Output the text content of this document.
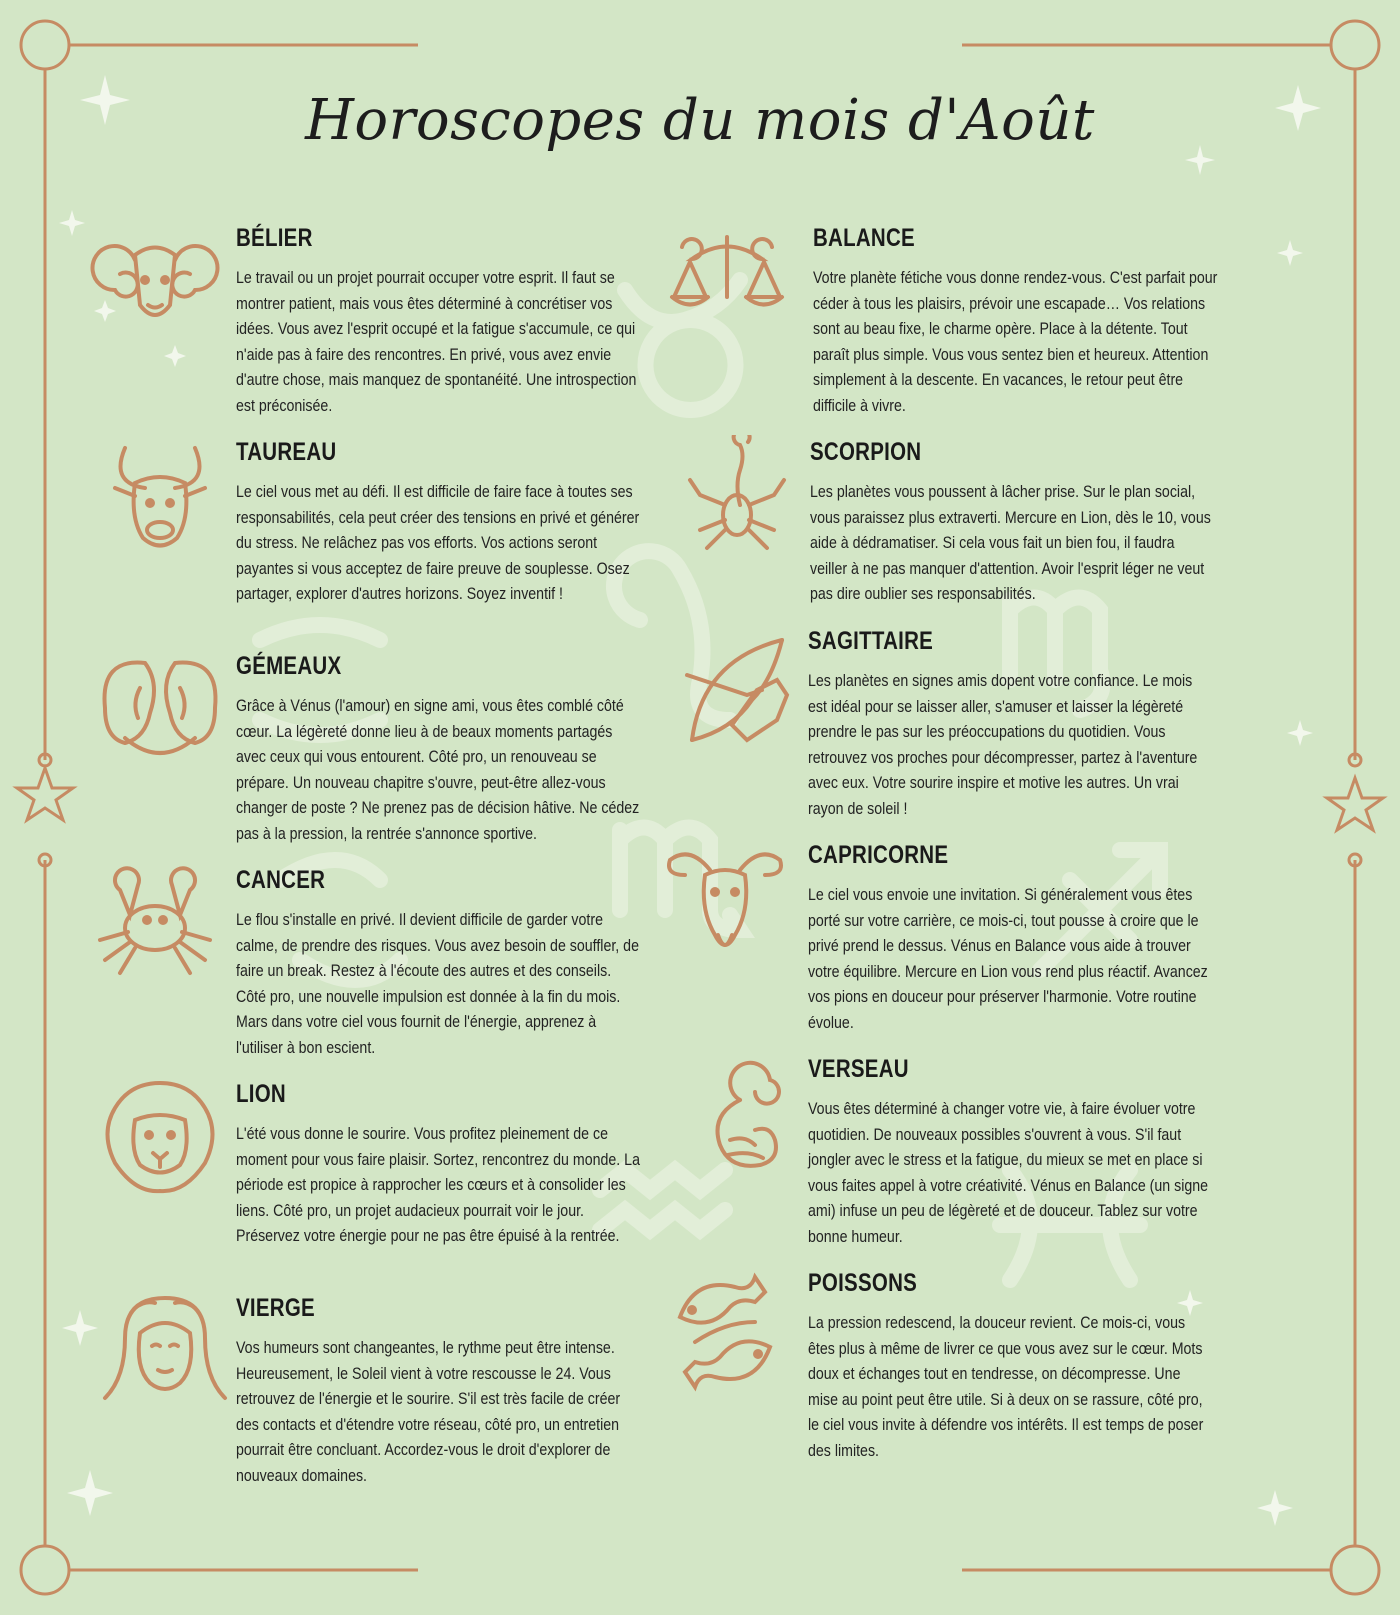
Horoscopes du mois d'Août
BÉLIER

Le travail ou un projet pourrait occuper votre esprit. Il faut se montrer patient, mais vous êtes déterminé à concrétiser vos idées. Vous avez l'esprit occupé et la fatigue s'accumule, ce qui n'aide pas à faire des rencontres. En privé, vous avez envie d'autre chose, mais manquez de spontanéité. Une introspection est préconisée.

TAUREAU

Le ciel vous met au défi. Il est difficile de faire face à toutes ses responsabilités, cela peut créer des tensions en privé et générer du stress. Ne relâchez pas vos efforts. Vos actions seront payantes si vous acceptez de faire preuve de souplesse. Osez partager, explorer d'autres horizons. Soyez inventif !

GÉMEAUX

Grâce à Vénus (l'amour) en signe ami, vous êtes comblé côté cœur. La légèreté donne lieu à de beaux moments partagés avec ceux qui vous entourent. Côté pro, un renouveau se prépare. Un nouveau chapitre s'ouvre, peut-être allez-vous changer de poste ? Ne prenez pas de décision hâtive. Ne cédez pas à la pression, la rentrée s'annonce sportive.

CANCER

Le flou s'installe en privé. Il devient difficile de garder votre calme, de prendre des risques. Vous avez besoin de souffler, de faire un break. Restez à l'écoute des autres et des conseils. Côté pro, une nouvelle impulsion est donnée à la fin du mois. Mars dans votre ciel vous fournit de l'énergie, apprenez à l'utiliser à bon escient.

LION

L'été vous donne le sourire. Vous profitez pleinement de ce moment pour vous faire plaisir. Sortez, rencontrez du monde. La période est propice à rapprocher les cœurs et à consolider les liens. Côté pro, un projet audacieux pourrait voir le jour. Préservez votre énergie pour ne pas être épuisé à la rentrée.

VIERGE

Vos humeurs sont changeantes, le rythme peut être intense. Heureusement, le Soleil vient à votre rescousse le 24. Vous retrouvez de l'énergie et le sourire. S'il est très facile de créer des contacts et d'étendre votre réseau, côté pro, un entretien pourrait être concluant. Accordez-vous le droit d'explorer de nouveaux domaines.

BALANCE

Votre planète fétiche vous donne rendez-vous. C'est parfait pour céder à tous les plaisirs, prévoir une escapade… Vos relations sont au beau fixe, le charme opère. Place à la détente. Tout paraît plus simple. Vous vous sentez bien et heureux. Attention simplement à la descente. En vacances, le retour peut être difficile à vivre.

SCORPION

Les planètes vous poussent à lâcher prise. Sur le plan social, vous paraissez plus extraverti. Mercure en Lion, dès le 10, vous aide à dédramatiser. Si cela vous fait un bien fou, il faudra veiller à ne pas manquer d'attention. Avoir l'esprit léger ne veut pas dire oublier ses responsabilités.

SAGITTAIRE

Les planètes en signes amis dopent votre confiance. Le mois est idéal pour se laisser aller, s'amuser et laisser la légèreté prendre le pas sur les préoccupations du quotidien. Vous retrouvez vos proches pour décompresser, partez à l'aventure avec eux. Votre sourire inspire et motive les autres. Un vrai rayon de soleil !

CAPRICORNE

Le ciel vous envoie une invitation. Si généralement vous êtes porté sur votre carrière, ce mois-ci, tout pousse à croire que le privé prend le dessus. Vénus en Balance vous aide à trouver votre équilibre. Mercure en Lion vous rend plus réactif. Avancez vos pions en douceur pour préserver l'harmonie. Votre routine évolue.

VERSEAU

Vous êtes déterminé à changer votre vie, à faire évoluer votre quotidien. De nouveaux possibles s'ouvrent à vous. S'il faut jongler avec le stress et la fatigue, du mieux se met en place si vous faites appel à votre créativité. Vénus en Balance (un signe ami) infuse un peu de légèreté et de douceur. Tablez sur votre bonne humeur.

POISSONS

La pression redescend, la douceur revient. Ce mois-ci, vous êtes plus à même de livrer ce que vous avez sur le cœur. Mots doux et échanges tout en tendresse, on décompresse. Une mise au point peut être utile. Si à deux on se rassure, côté pro, le ciel vous invite à défendre vos intérêts. Il est temps de poser des limites.
